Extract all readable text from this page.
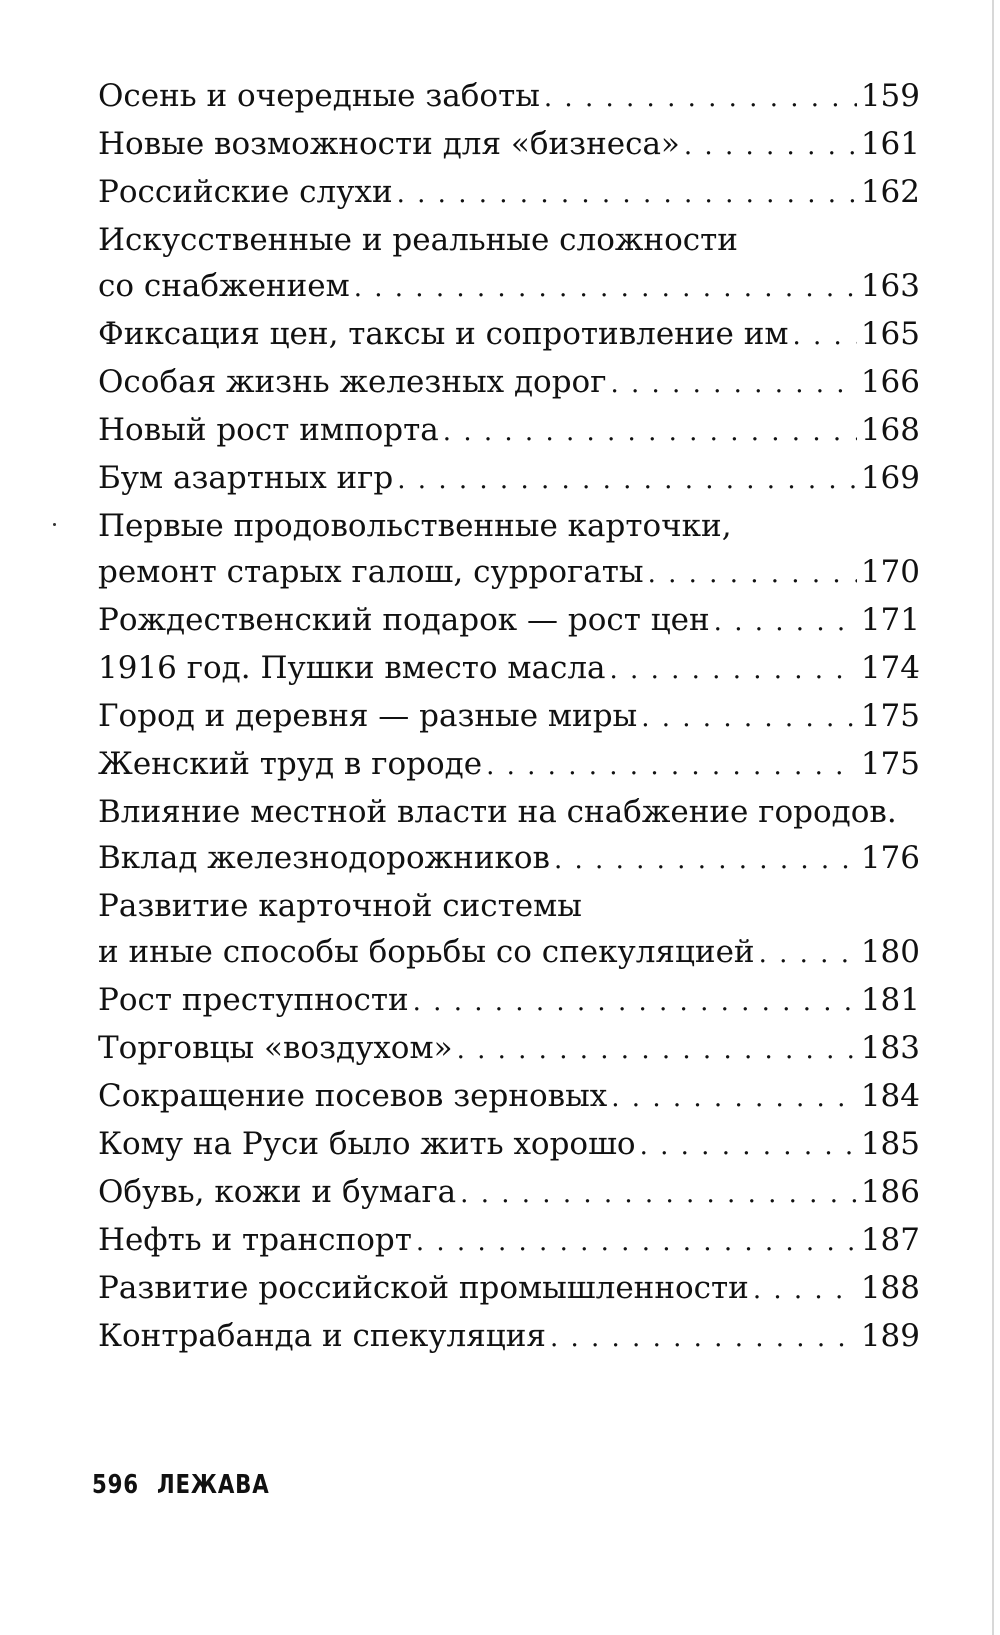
Осень и очередные заботы . . .	159
Новые возможности для «бизнеса» . . .	161
Российские слухи . . .	162
Искусственные и реальные сложности
со снабжением . . .	163
Фиксация цен, таксы и сопротивление им . . . 165
Особая жизнь железных дорог . . .	166
Новый рост импорта . . .	168
Бум азартных игр . . .	169
Первые продовольственные карточки,
ремонт старых галош, суррогаты . . .	170
Рождественский подарок — рост цен . . .	171
1916 год. Пушки вместо масла . . .	174
Город и деревня — разные миры . . .	175
Женский труд в городе . . .	175
Влияние местной власти на снабжение городов.
Вклад железнодорожников . . .	176
Развитие карточной системы
и иные способы борьбы со спекуляцией . . .	180
Рост преступности . . .	181
Торговцы «воздухом» . . .	183
Сокращение посевов зерновых . . .	184
Кому на Руси было жить хорошо . . .	185
Обувь, кожи и бумага . . .	186
Нефть и транспорт . . .	187
Развитие российской промышленности . . .	188
Контрабанда и спекуляция . . .	189
596 ЛЕЖАВА
